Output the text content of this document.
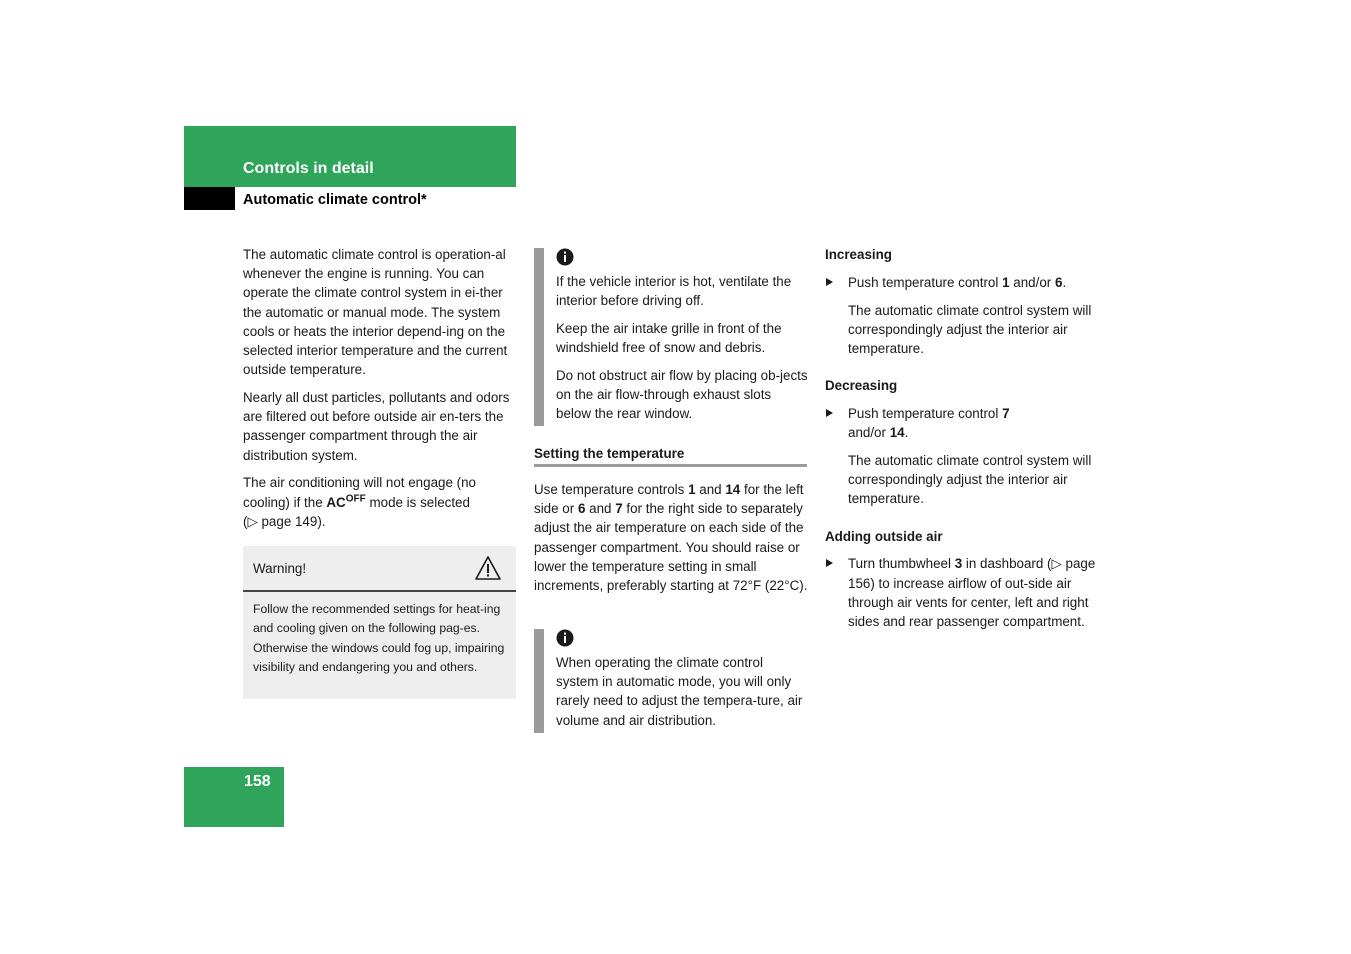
Controls in detail
Automatic climate control*

The automatic climate control is operation-al whenever the engine is running. You can operate the climate control system in ei-ther the automatic or manual mode. The system cools or heats the interior depend-ing on the selected interior temperature and the current outside temperature.

Nearly all dust particles, pollutants and odors are filtered out before outside air en-ters the passenger compartment through the air distribution system.

The air conditioning will not engage (no cooling) if the $AC^{OFF}$ mode is selected
(▷ page 149).

Warning!
Follow the recommended settings for heat-ing and cooling given on the following pag-es. Otherwise the windows could fog up, impairing visibility and endangering you and others.

If the vehicle interior is hot, ventilate the interior before driving off.

Keep the air intake grille in front of the windshield free of snow and debris.

Do not obstruct air flow by placing ob-jects on the air flow-through exhaust slots below the rear window.

Setting the temperature
Use temperature controls 1 and 14 for the left side or 6 and 7 for the right side to separately adjust the air temperature on each side of the passenger compartment. You should raise or lower the temperature setting in small increments, preferably starting at 72°F (22°C).

When operating the climate control system in automatic mode, you will only rarely need to adjust the tempera-ture, air volume and air distribution.

Increasing

Push temperature control 1 and/or 6.

The automatic climate control system will correspondingly adjust the interior air temperature.

Decreasing

Push temperature control 7
and/or 14.

The automatic climate control system will correspondingly adjust the interior air temperature.

Adding outside air

Turn thumbwheel 3 in dashboard (▷ page 156) to increase airflow of out-side air through air vents for center, left and right sides and rear passenger compartment.

158
